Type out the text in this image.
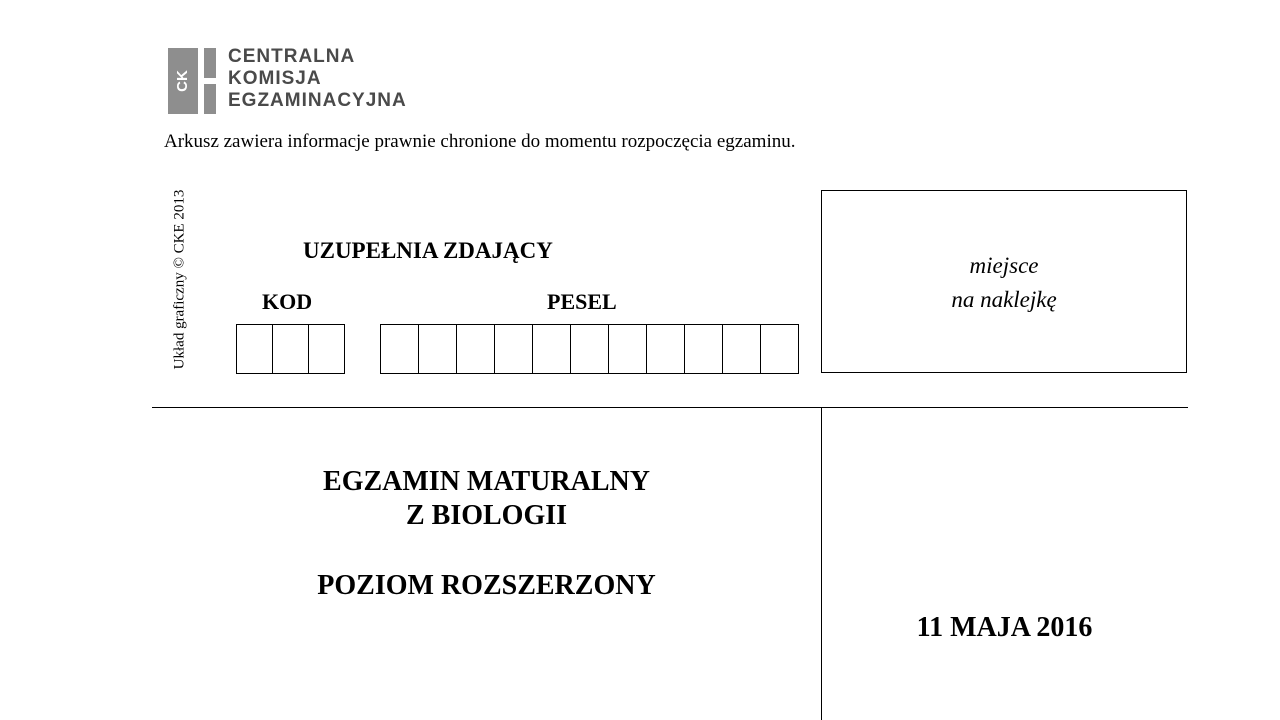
CK
CENTRALNA
KOMISJA
EGZAMINACYJNA
Arkusz zawiera informacje prawnie chronione do momentu rozpoczęcia egzaminu.
Układ graficzny © CKE 2013	UZUPEŁNIA ZDAJĄCY
KOD	PESEL
miejsce
na naklejkę
EGZAMIN MATURALNY
Z BIOLOGII
POZIOM ROZSZERZONY
11 MAJA 2016
